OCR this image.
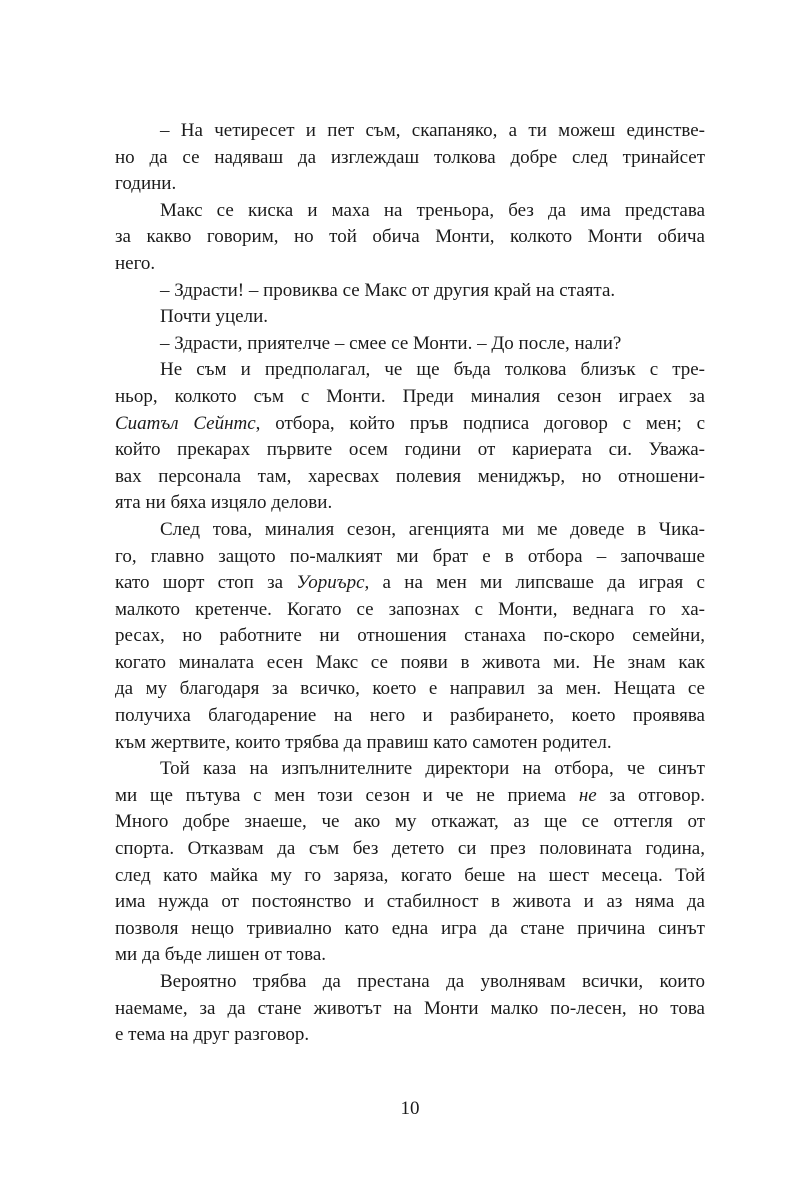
– На четиресет и пет съм, скапаняко, а ти можеш единстве-
но да се надяваш да изглеждаш толкова добре след тринайсет
години.
Макс се киска и маха на треньора, без да има представа
за какво говорим, но той обича Монти, колкото Монти обича
него.
– Здрасти! – провиква се Макс от другия край на стаята.
Почти уцели.
– Здрасти, приятелче – смее се Монти. – До после, нали?
Не съм и предполагал, че ще бъда толкова близък с тре-
ньор, колкото съм с Монти. Преди миналия сезон играех за
Сиатъл Сейнтс, отбора, който пръв подписа договор с мен; с
който прекарах първите осем години от кариерата си. Уважа-
вах персонала там, харесвах полевия мениджър, но отношени-
ята ни бяха изцяло делови.
След това, миналия сезон, агенцията ми ме доведе в Чика-
го, главно защото по-малкият ми брат е в отбора – започваше
като шорт стоп за Уориърс, а на мен ми липсваше да играя с
малкото кретенче. Когато се запознах с Монти, веднага го ха-
ресах, но работните ни отношения станаха по-скоро семейни,
когато миналата есен Макс се появи в живота ми. Не знам как
да му благодаря за всичко, което е направил за мен. Нещата се
получиха благодарение на него и разбирането, което проявява
към жертвите, които трябва да правиш като самотен родител.
Той каза на изпълнителните директори на отбора, че синът
ми ще пътува с мен този сезон и че не приема не за отговор.
Много добре знаеше, че ако му откажат, аз ще се оттегля от
спорта. Отказвам да съм без детето си през половината година,
след като майка му го заряза, когато беше на шест месеца. Той
има нужда от постоянство и стабилност в живота и аз няма да
позволя нещо тривиално като една игра да стане причина синът
ми да бъде лишен от това.
Вероятно трябва да престана да уволнявам всички, които
наемаме, за да стане животът на Монти малко по-лесен, но това
е тема на друг разговор.
10
